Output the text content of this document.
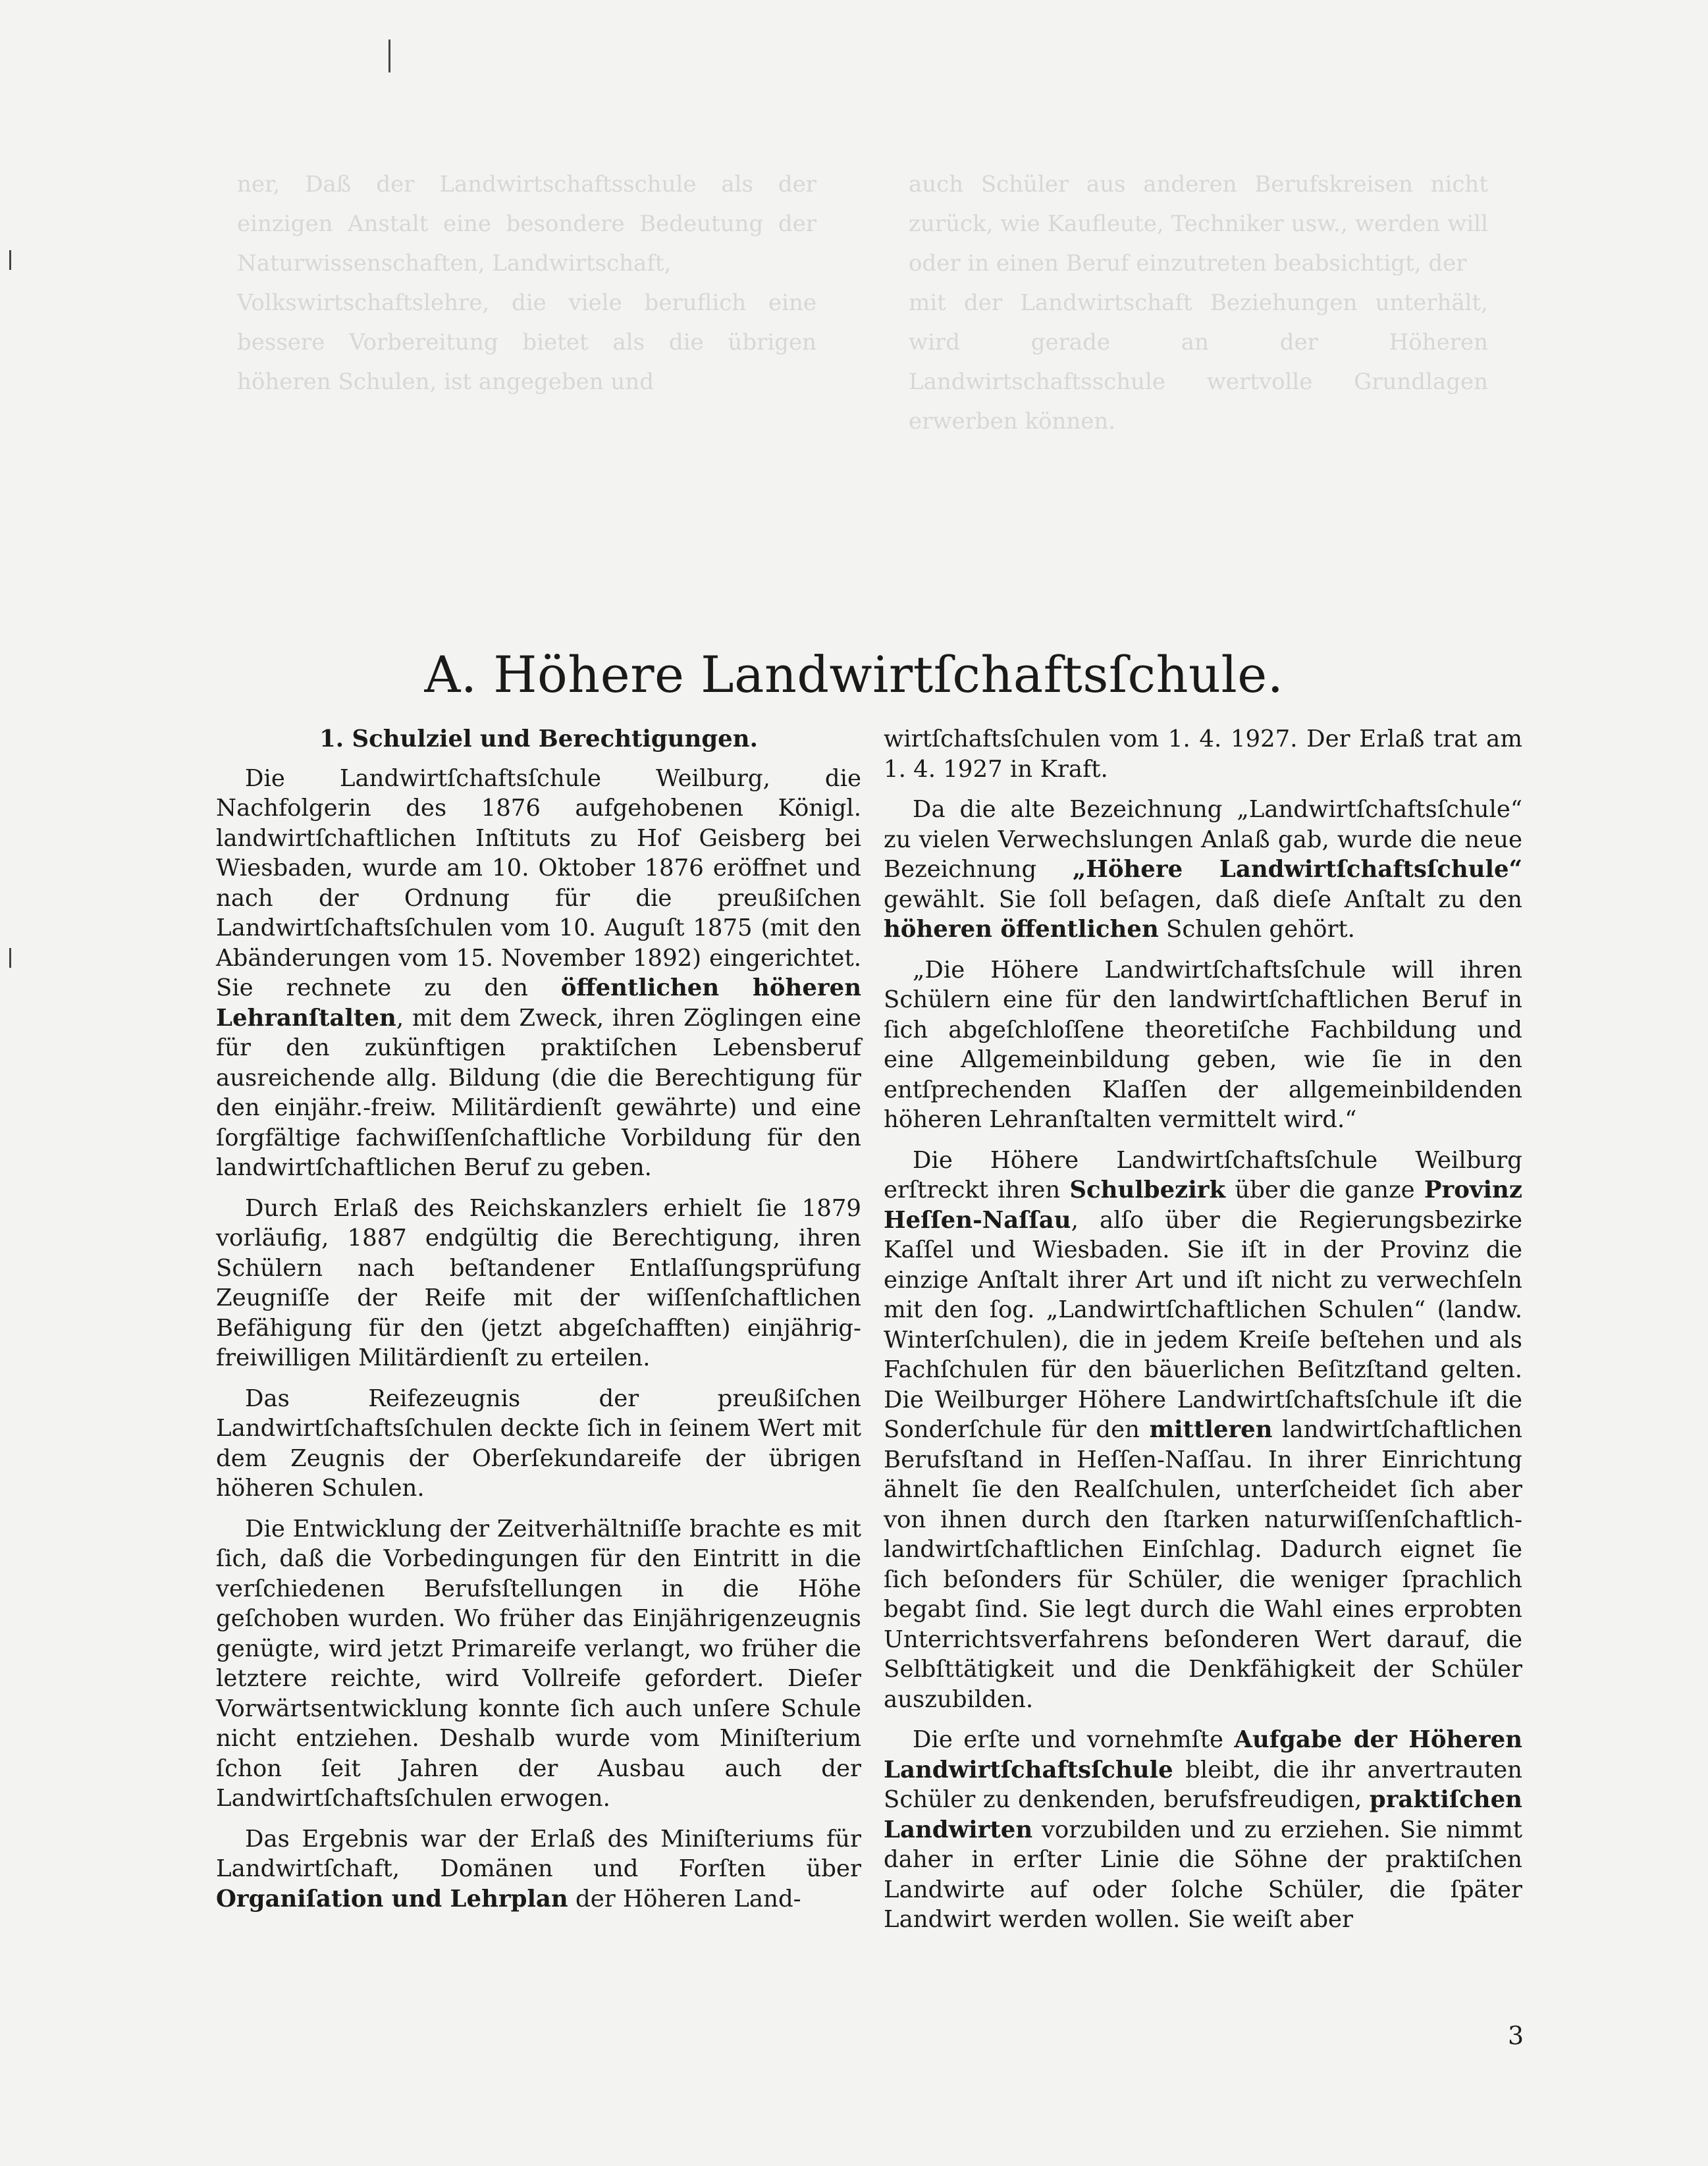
ner, Daß der Landwirtschaftsschule als der einzigen Anstalt eine besondere Bedeutung der Naturwissenschaften, Landwirtschaft,

Volkswirtschaftslehre, die viele beruflich eine bessere Vorbereitung bietet als die übrigen höheren Schulen, ist angegeben und

auch Schüler aus anderen Berufskreisen nicht zurück, wie Kaufleute, Techniker usw., werden will oder in einen Beruf einzutreten beabsichtigt, der

mit der Landwirtschaft Beziehungen unterhält, wird gerade an der Höheren Landwirtschaftsschule wertvolle Grundlagen erwerben können.

A. Höhere Landwirtſchaftsſchule.
1. Schulziel und Berechtigungen.

Die Landwirtſchaftsſchule Weilburg, die Nachfolgerin des 1876 aufgehobenen Königl. landwirtſchaftlichen Inſtituts zu Hof Geisberg bei Wiesbaden, wurde am 10. Oktober 1876 eröffnet und nach der Ordnung für die preußiſchen Landwirtſchaftsſchulen vom 10. Auguſt 1875 (mit den Abänderungen vom 15. November 1892) eingerichtet. Sie rechnete zu den öffentlichen höheren Lehranſtalten, mit dem Zweck, ihren Zöglingen eine für den zukünftigen praktiſchen Lebensberuf ausreichende allg. Bildung (die die Berechtigung für den einjähr.-freiw. Militärdienſt gewährte) und eine ſorgfältige fachwiſſenſchaftliche Vorbildung für den landwirtſchaftlichen Beruf zu geben.

Durch Erlaß des Reichskanzlers erhielt ſie 1879 vorläufig, 1887 endgültig die Berechtigung, ihren Schülern nach beſtandener Entlaſſungsprüfung Zeugniſſe der Reife mit der wiſſenſchaftlichen Befähigung für den (jetzt abgeſchafften) einjährig-freiwilligen Militärdienſt zu erteilen.

Das Reifezeugnis der preußiſchen Landwirtſchaftsſchulen deckte ſich in ſeinem Wert mit dem Zeugnis der Oberſekundareife der übrigen höheren Schulen.

Die Entwicklung der Zeitverhältniſſe brachte es mit ſich, daß die Vorbedingungen für den Eintritt in die verſchiedenen Berufsſtellungen in die Höhe geſchoben wurden. Wo früher das Einjährigenzeugnis genügte, wird jetzt Primareife verlangt, wo früher die letztere reichte, wird Vollreife gefordert. Dieſer Vorwärtsentwicklung konnte ſich auch unſere Schule nicht entziehen. Deshalb wurde vom Miniſterium ſchon ſeit Jahren der Ausbau auch der Landwirtſchaftsſchulen erwogen.

Das Ergebnis war der Erlaß des Miniſteriums für Landwirtſchaft, Domänen und Forſten über Organiſation und Lehrplan der Höheren Land-

wirtſchaftsſchulen vom 1. 4. 1927. Der Erlaß trat am 1. 4. 1927 in Kraft.

Da die alte Bezeichnung „Landwirtſchaftsſchule“ zu vielen Verwechslungen Anlaß gab, wurde die neue Bezeichnung „Höhere Landwirtſchaftsſchule“ gewählt. Sie ſoll beſagen, daß dieſe Anſtalt zu den höheren öffentlichen Schulen gehört.

„Die Höhere Landwirtſchaftsſchule will ihren Schülern eine für den landwirtſchaftlichen Beruf in ſich abgeſchloſſene theoretiſche Fachbildung und eine Allgemeinbildung geben, wie ſie in den entſprechenden Klaſſen der allgemeinbildenden höheren Lehranſtalten vermittelt wird.“

Die Höhere Landwirtſchaftsſchule Weilburg erſtreckt ihren Schulbezirk über die ganze Provinz Heſſen-Naſſau, alſo über die Regierungsbezirke Kaſſel und Wiesbaden. Sie iſt in der Provinz die einzige Anſtalt ihrer Art und iſt nicht zu verwechſeln mit den ſog. „Landwirtſchaftlichen Schulen“ (landw. Winterſchulen), die in jedem Kreiſe beſtehen und als Fachſchulen für den bäuerlichen Beſitzſtand gelten. Die Weilburger Höhere Landwirtſchaftsſchule iſt die Sonderſchule für den mittleren landwirtſchaftlichen Berufsſtand in Heſſen-Naſſau. In ihrer Einrichtung ähnelt ſie den Realſchulen, unterſcheidet ſich aber von ihnen durch den ſtarken naturwiſſenſchaftlich-landwirtſchaftlichen Einſchlag. Dadurch eignet ſie ſich beſonders für Schüler, die weniger ſprachlich begabt ſind. Sie legt durch die Wahl eines erprobten Unterrichtsverfahrens beſonderen Wert darauf, die Selbſttätigkeit und die Denkfähigkeit der Schüler auszubilden.

Die erſte und vornehmſte Aufgabe der Höheren Landwirtſchaftsſchule bleibt, die ihr anvertrauten Schüler zu denkenden, berufsfreudigen, praktiſchen Landwirten vorzubilden und zu erziehen. Sie nimmt daher in erſter Linie die Söhne der praktiſchen Landwirte auf oder ſolche Schüler, die ſpäter Landwirt werden wollen. Sie weiſt aber

3
